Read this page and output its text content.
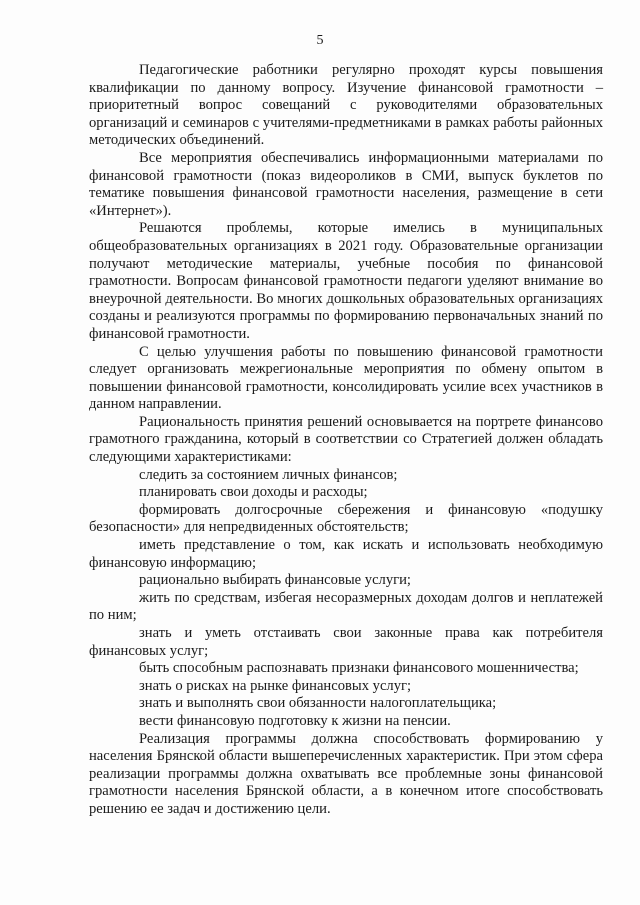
5

Педагогические работники регулярно проходят курсы повышения квалификации по данному вопросу. Изучение финансовой грамотности – приоритетный вопрос совещаний с руководителями образовательных организаций и семинаров с учителями-предметниками в рамках работы районных методических объединений.

Все мероприятия обеспечивались информационными материалами по финансовой грамотности (показ видеороликов в СМИ, выпуск буклетов по тематике повышения финансовой грамотности населения, размещение в сети «Интернет»).

Решаются проблемы, которые имелись в муниципальных общеобразовательных организациях в 2021 году. Образовательные организации получают методические материалы, учебные пособия по финансовой грамотности. Вопросам финансовой грамотности педагоги уделяют внимание во внеурочной деятельности. Во многих дошкольных образовательных организациях созданы и реализуются программы по формированию первоначальных знаний по финансовой грамотности.

С целью улучшения работы по повышению финансовой грамотности следует организовать межрегиональные мероприятия по обмену опытом в повышении финансовой грамотности, консолидировать усилие всех участников в данном направлении.

Рациональность принятия решений основывается на портрете финансово грамотного гражданина, который в соответствии со Стратегией должен обладать следующими характеристиками:

следить за состоянием личных финансов;

планировать свои доходы и расходы;

формировать долгосрочные сбережения и финансовую «подушку безопасности» для непредвиденных обстоятельств;

иметь представление о том, как искать и использовать необходимую финансовую информацию;

рационально выбирать финансовые услуги;

жить по средствам, избегая несоразмерных доходам долгов и неплатежей по ним;

знать и уметь отстаивать свои законные права как потребителя финансовых услуг;

быть способным распознавать признаки финансового мошенничества;

знать о рисках на рынке финансовых услуг;

знать и выполнять свои обязанности налогоплательщика;

вести финансовую подготовку к жизни на пенсии.

Реализация программы должна способствовать формированию у населения Брянской области вышеперечисленных характеристик. При этом сфера реализации программы должна охватывать все проблемные зоны финансовой грамотности населения Брянской области, а в конечном итоге способствовать решению ее задач и достижению цели.
